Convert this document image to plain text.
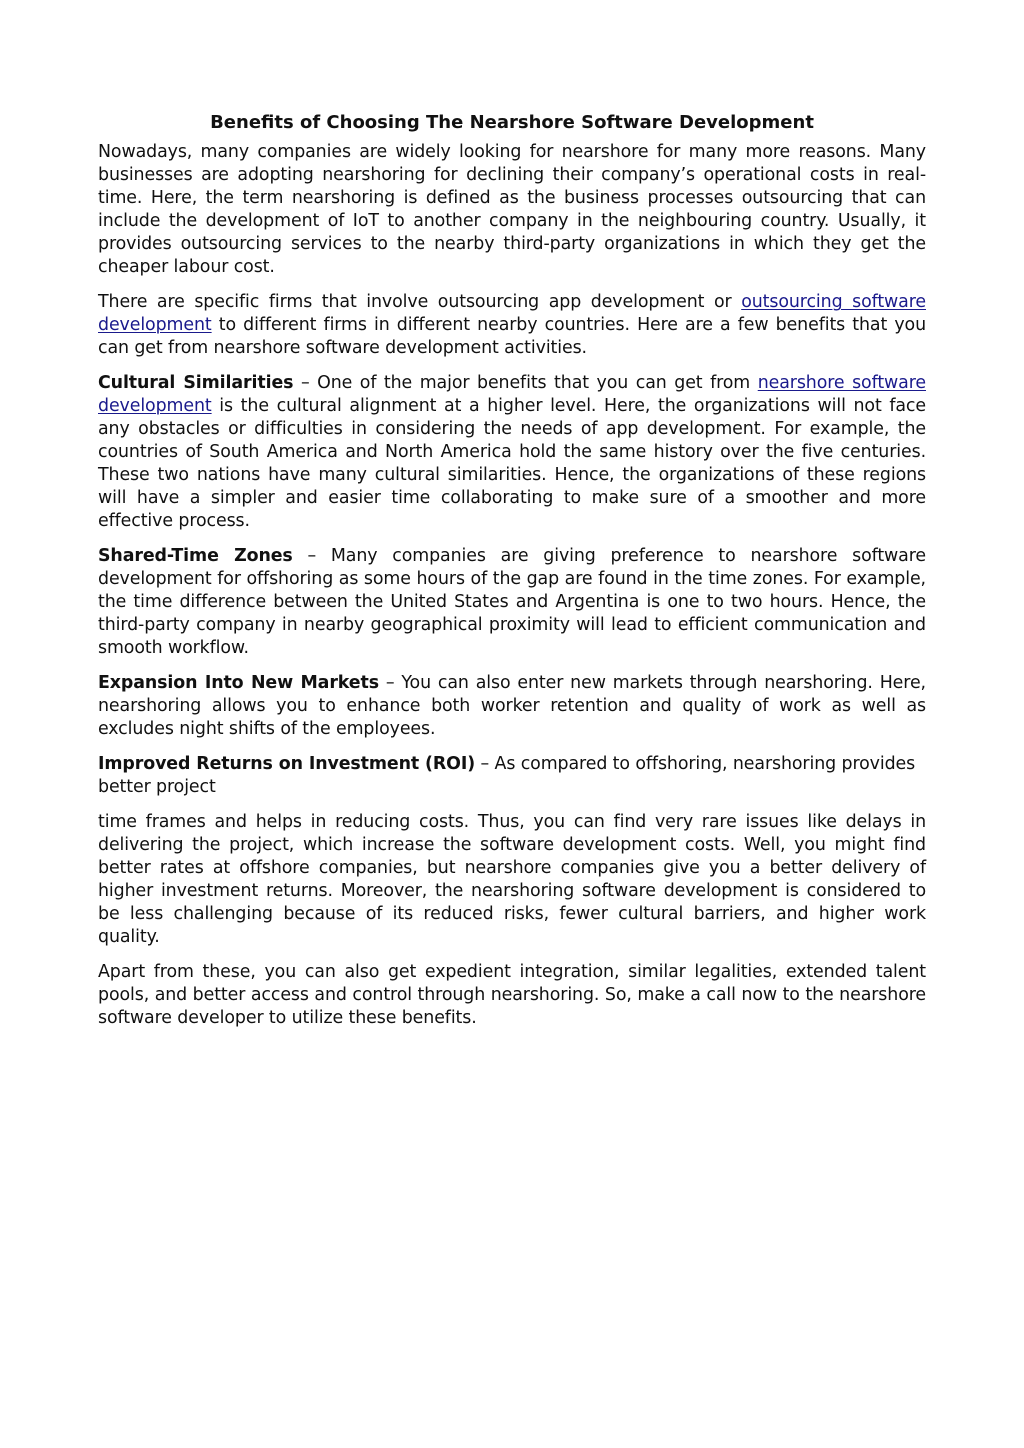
Benefits of Choosing The Nearshore Software Development

Nowadays, many companies are widely looking for nearshore for many more reasons. Many businesses are adopting nearshoring for declining their company’s operational costs in real-time. Here, the term nearshoring is defined as the business processes outsourcing that can include the development of IoT to another company in the neighbouring country. Usually, it provides outsourcing services to the nearby third-party organizations in which they get the cheaper labour cost.

There are specific firms that involve outsourcing app development or outsourcing software development to different firms in different nearby countries. Here are a few benefits that you can get from nearshore software development activities.

Cultural Similarities – One of the major benefits that you can get from nearshore software development is the cultural alignment at a higher level. Here, the organizations will not face any obstacles or difficulties in considering the needs of app development. For example, the countries of South America and North America hold the same history over the five centuries. These two nations have many cultural similarities. Hence, the organizations of these regions will have a simpler and easier time collaborating to make sure of a smoother and more effective process.

Shared-Time Zones – Many companies are giving preference to nearshore software development for offshoring as some hours of the gap are found in the time zones. For example, the time difference between the United States and Argentina is one to two hours. Hence, the third-party company in nearby geographical proximity will lead to efficient communication and smooth workflow.

Expansion Into New Markets – You can also enter new markets through nearshoring. Here, nearshoring allows you to enhance both worker retention and quality of work as well as excludes night shifts of the employees.

Improved Returns on Investment (ROI) – As compared to offshoring, nearshoring provides better project

time frames and helps in reducing costs. Thus, you can find very rare issues like delays in delivering the project, which increase the software development costs. Well, you might find better rates at offshore companies, but nearshore companies give you a better delivery of higher investment returns. Moreover, the nearshoring software development is considered to be less challenging because of its reduced risks, fewer cultural barriers, and higher work quality.

Apart from these, you can also get expedient integration, similar legalities, extended talent pools, and better access and control through nearshoring. So, make a call now to the nearshore software developer to utilize these benefits.
